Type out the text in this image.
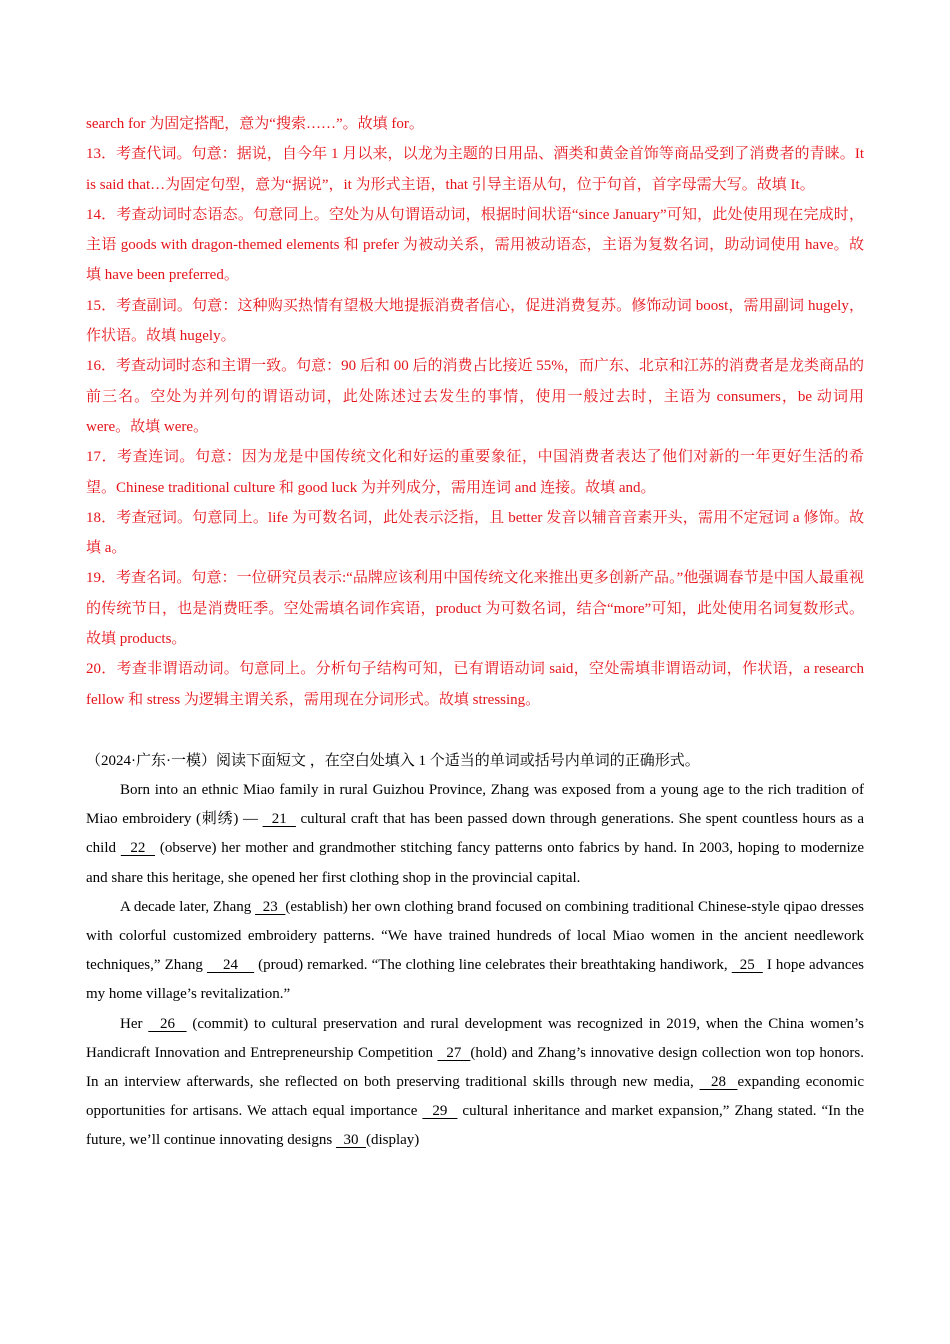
search for 为固定搭配，意为“搜索……”。故填 for。

13．考查代词。句意：据说，自今年 1 月以来，以龙为主题的日用品、酒类和黄金首饰等商品受到了消费者的青睐。It is said that…为固定句型，意为“据说”，it 为形式主语，that 引导主语从句，位于句首，首字母需大写。故填 It。

14．考查动词时态语态。句意同上。空处为从句谓语动词，根据时间状语“since January”可知，此处使用现在完成时，主语 goods with dragon-themed elements 和 prefer 为被动关系，需用被动语态，主语为复数名词，助动词使用 have。故填 have been preferred。

15．考查副词。句意：这种购买热情有望极大地提振消费者信心，促进消费复苏。修饰动词 boost，需用副词 hugely，作状语。故填 hugely。

16．考查动词时态和主谓一致。句意：90 后和 00 后的消费占比接近 55%，而广东、北京和江苏的消费者是龙类商品的前三名。空处为并列句的谓语动词，此处陈述过去发生的事情，使用一般过去时，主语为 consumers，be 动词用 were。故填 were。

17．考查连词。句意：因为龙是中国传统文化和好运的重要象征，中国消费者表达了他们对新的一年更好生活的希望。Chinese traditional culture 和 good luck 为并列成分，需用连词 and 连接。故填 and。

18．考查冠词。句意同上。life 为可数名词，此处表示泛指，且 better 发音以辅音音素开头，需用不定冠词 a 修饰。故填 a。

19．考查名词。句意：一位研究员表示:“品牌应该利用中国传统文化来推出更多创新产品。”他强调春节是中国人最重视的传统节日，也是消费旺季。空处需填名词作宾语，product 为可数名词，结合“more”可知，此处使用名词复数形式。故填 products。

20．考查非谓语动词。句意同上。分析句子结构可知，已有谓语动词 said，空处需填非谓语动词，作状语，a research fellow 和 stress 为逻辑主谓关系，需用现在分词形式。故填 stressing。

（2024·广东·一模）阅读下面短文 ，在空白处填入 1 个适当的单词或括号内单词的正确形式。

Born into an ethnic Miao family in rural Guizhou Province, Zhang was exposed from a young age to the rich tradition of Miao embroidery (刺绣) —   21   cultural craft that has been passed down through generations. She spent countless hours as a child   22   (observe) her mother and grandmother stitching fancy patterns onto fabrics by hand. In 2003, hoping to modernize and share this heritage, she opened her first clothing shop in the provincial capital.

A decade later, Zhang   23  (establish) her own clothing brand focused on combining traditional Chinese-style qipao dresses with colorful customized embroidery patterns. “We have trained hundreds of local Miao women in the ancient needlework techniques,” Zhang     24     (proud) remarked. “The clothing line celebrates their breathtaking handiwork,   25   I hope advances my home village’s revitalization.”

Her   26   (commit) to cultural preservation and rural development was recognized in 2019, when the China women’s Handicraft Innovation and Entrepreneurship Competition   27  (hold) and Zhang’s innovative design collection won top honors. In an interview afterwards, she reflected on both preserving traditional skills through new media,   28  expanding economic opportunities for artisans. We attach equal importance   29   cultural inheritance and market expansion,” Zhang stated. “In the future, we’ll continue innovating designs   30  (display)
